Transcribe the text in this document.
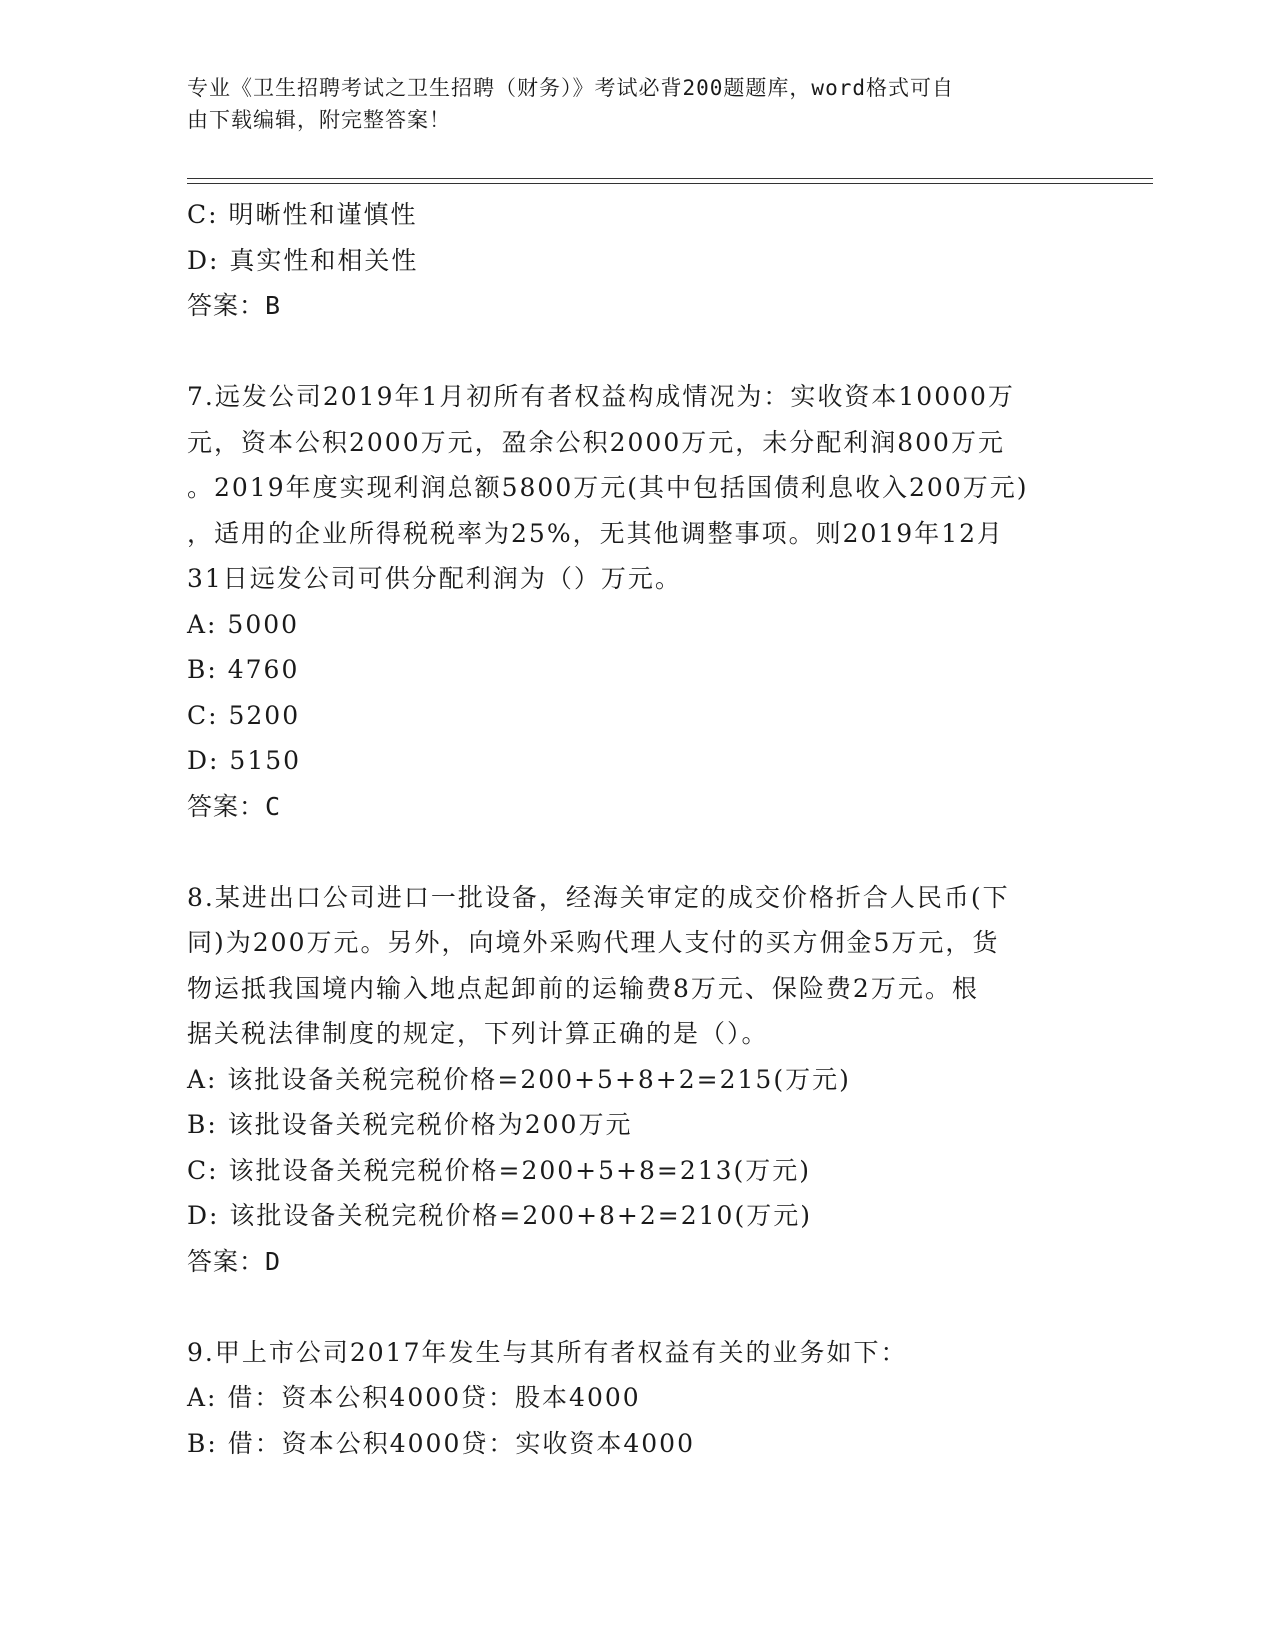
专业《卫生招聘考试之卫生招聘（财务）》考试必背200题题库，word格式可自
由下载编辑，附完整答案！
C: 明晰性和谨慎性
D: 真实性和相关性
答案：B
7.远发公司2019年1月初所有者权益构成情况为：实收资本10000万
元，资本公积2000万元，盈余公积2000万元，未分配利润800万元
。2019年度实现利润总额5800万元(其中包括国债利息收入200万元)
，适用的企业所得税税率为25%，无其他调整事项。则2019年12月
31日远发公司可供分配利润为（）万元。
A: 5000
B: 4760
C: 5200
D: 5150
答案：C
8.某进出口公司进口一批设备，经海关审定的成交价格折合人民币(下
同)为200万元。另外，向境外采购代理人支付的买方佣金5万元，货
物运抵我国境内输入地点起卸前的运输费8万元、保险费2万元。根
据关税法律制度的规定，下列计算正确的是（）。
A: 该批设备关税完税价格=200+5+8+2=215(万元)
B: 该批设备关税完税价格为200万元
C: 该批设备关税完税价格=200+5+8=213(万元)
D: 该批设备关税完税价格=200+8+2=210(万元)
答案：D
9.甲上市公司2017年发生与其所有者权益有关的业务如下：
A: 借：资本公积4000贷：股本4000
B: 借：资本公积4000贷：实收资本4000
